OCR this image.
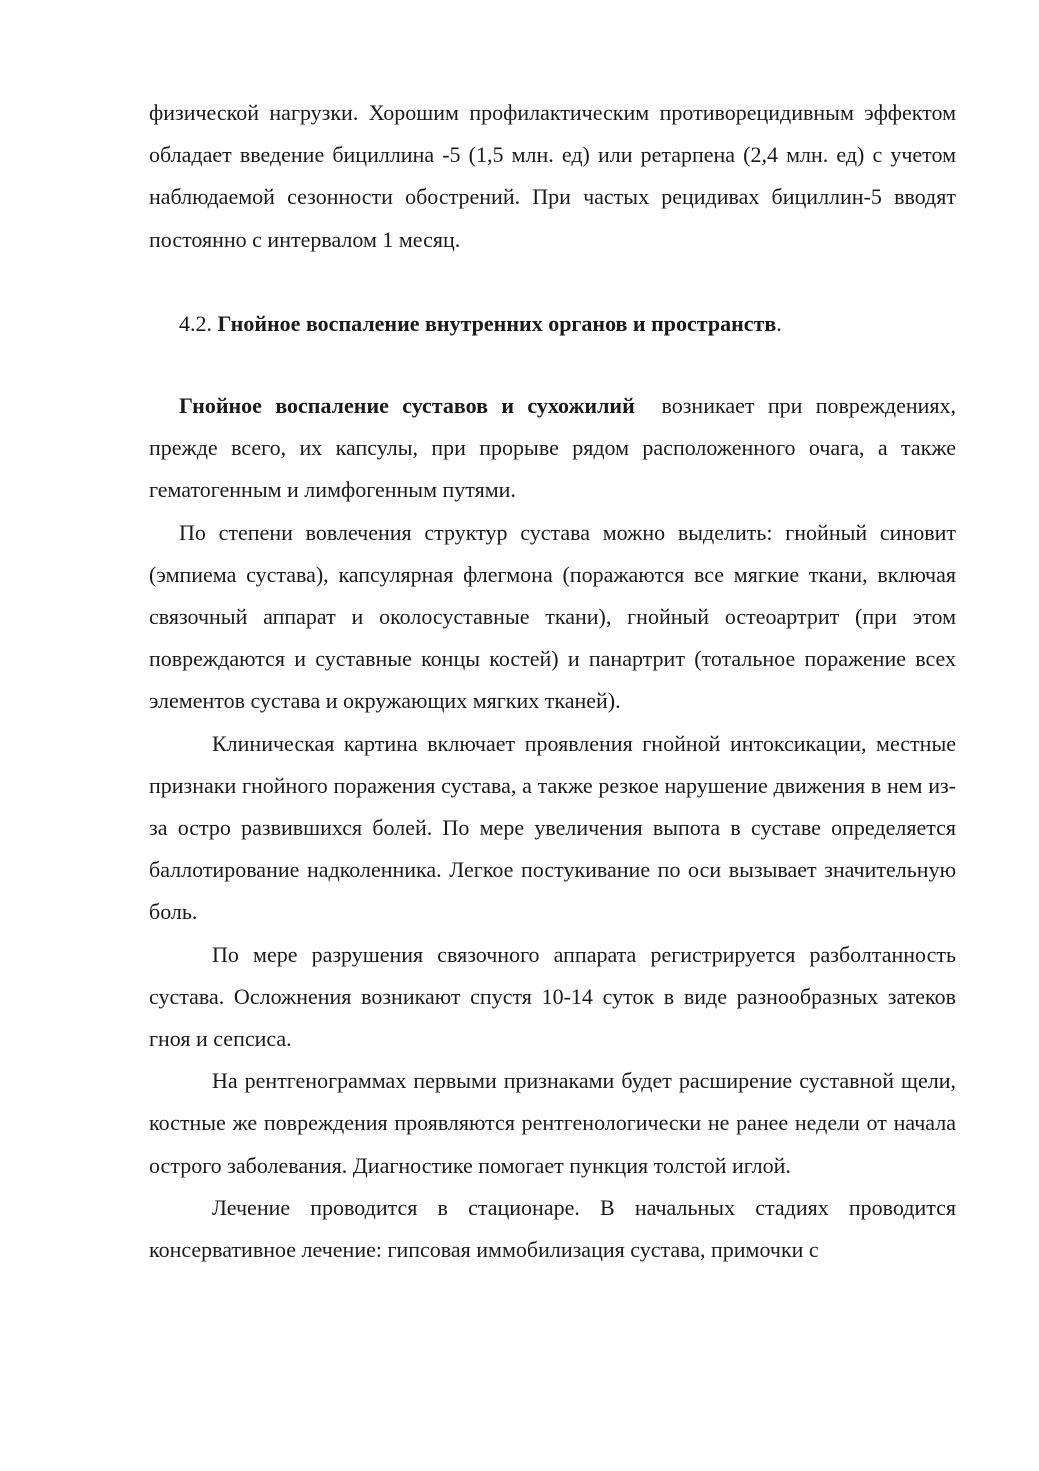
физической нагрузки. Хорошим профилактическим противорецидивным эффектом обладает введение бициллина -5 (1,5 млн. ед) или ретарпена (2,4 млн. ед) с учетом наблюдаемой сезонности обострений. При частых рецидивах бициллин-5 вводят постоянно с интервалом 1 месяц.

4.2. Гнойное воспаление внутренних органов и пространств.

Гнойное воспаление суставов и сухожилий  возникает при повреждениях, прежде всего, их капсулы, при прорыве рядом расположенного очага, а также гематогенным и лимфогенным путями.

По степени вовлечения структур сустава можно выделить: гнойный синовит (эмпиема сустава), капсулярная флегмона (поражаются все мягкие ткани, включая связочный аппарат и околосуставные ткани), гнойный остеоартрит (при этом повреждаются и суставные концы костей) и панартрит (тотальное поражение всех элементов сустава и окружающих мягких тканей).

Клиническая картина включает проявления гнойной интоксикации, местные признаки гнойного поражения сустава, а также резкое нарушение движения в нем из-за остро развившихся болей. По мере увеличения выпота в суставе определяется баллотирование надколенника. Легкое постукивание по оси вызывает значительную боль.

По мере разрушения связочного аппарата регистрируется разболтанность сустава. Осложнения возникают спустя 10-14 суток в виде разнообразных затеков гноя и сепсиса.

На рентгенограммах первыми признаками будет расширение суставной щели, костные же повреждения проявляются рентгенологически не ранее недели от начала острого заболевания. Диагностике помогает пункция толстой иглой.

Лечение проводится в стационаре. В начальных стадиях проводится консервативное лечение: гипсовая иммобилизация сустава, примочки с
